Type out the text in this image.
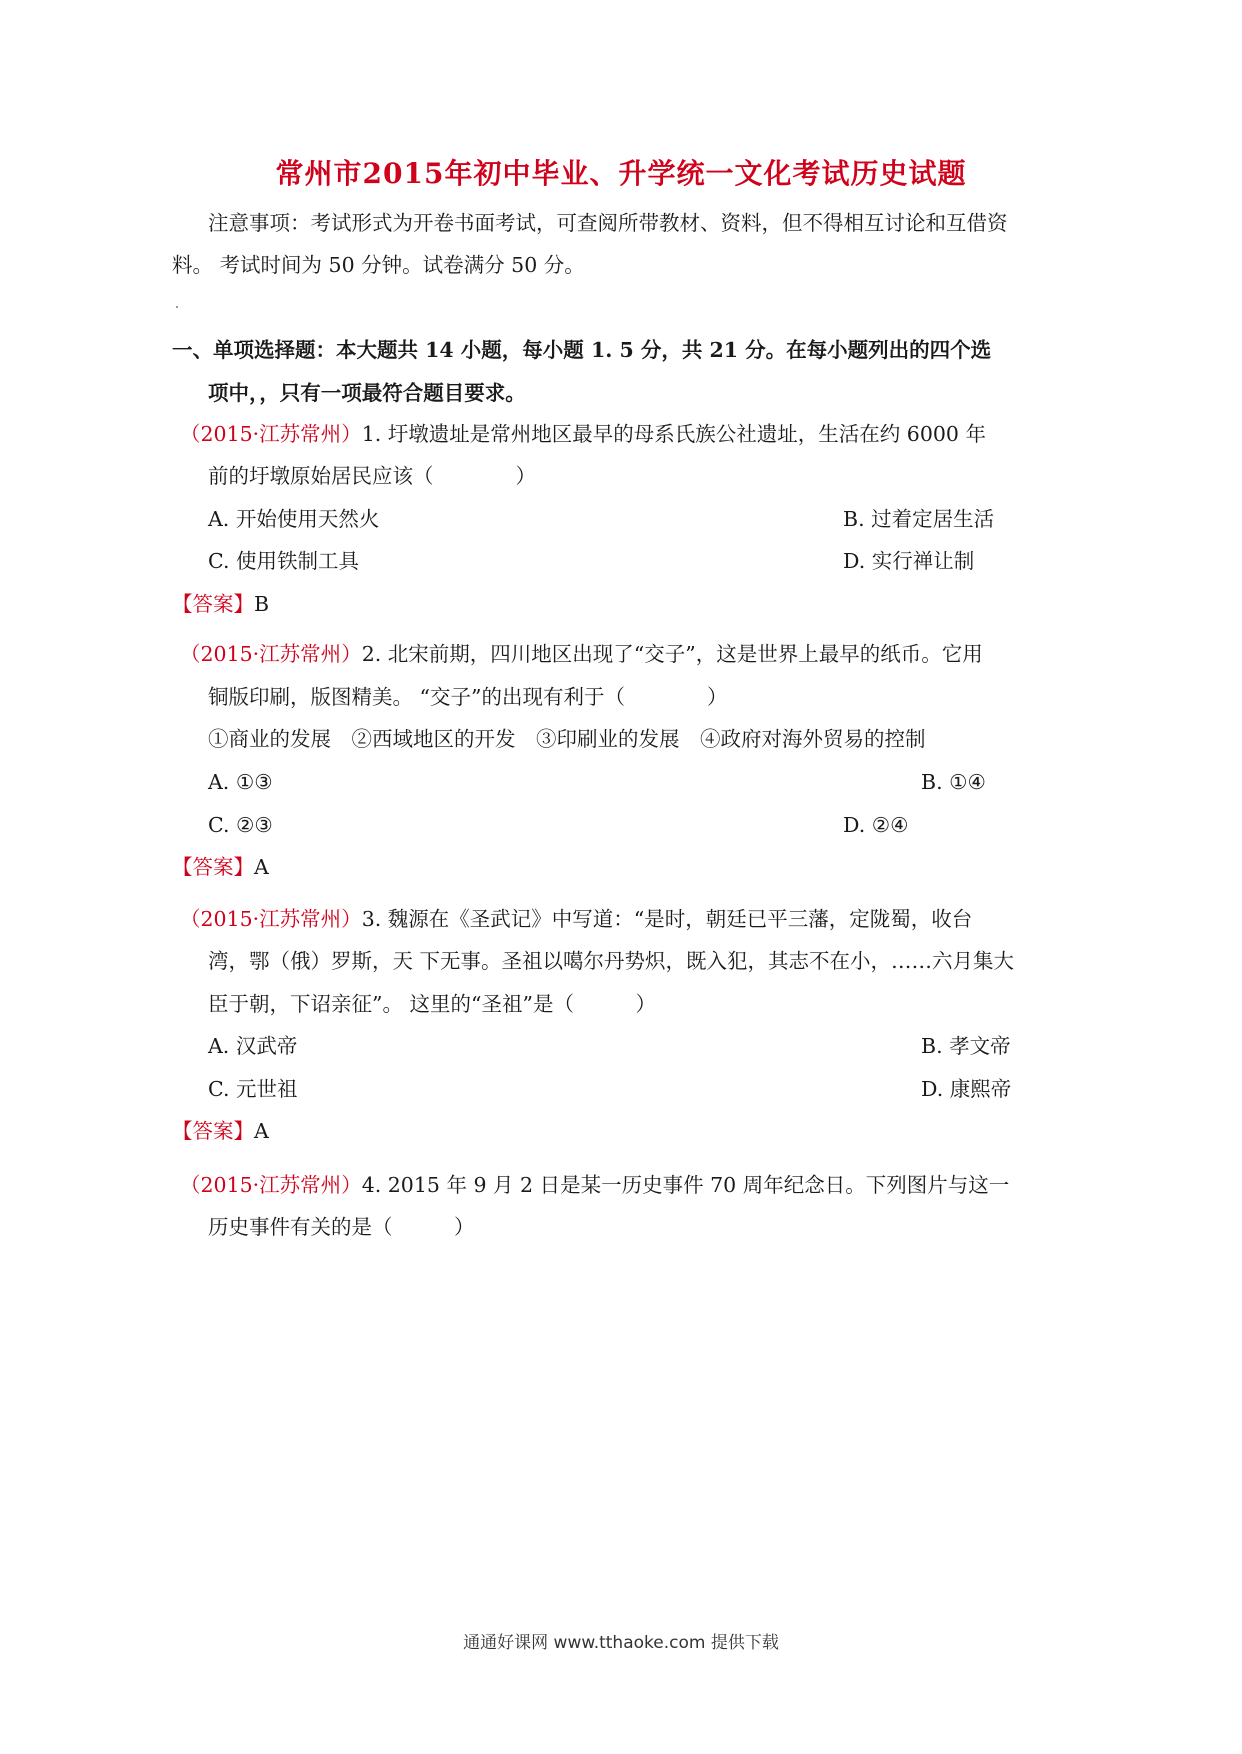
常州市2015年初中毕业、升学统一文化考试历史试题
注意事项：考试形式为开卷书面考试，可查阅所带教材、资料，但不得相互讨论和互借资
料。 考试时间为 50 分钟。试卷满分 50 分。
一、单项选择题：本大题共 14 小题，每小题 1. 5 分，共 21 分。在每小题列出的四个选
项中，，只有一项最符合题目要求。
（2015·江苏常州）1. 圩墩遗址是常州地区最早的母系氏族公社遗址，生活在约 6000 年
前的圩墩原始居民应该（　　　　）
A. 开始使用天然火	B. 过着定居生活
C. 使用铁制工具	D. 实行禅让制
【答案】B
（2015·江苏常州）2. 北宋前期，四川地区出现了“交子”，这是世界上最早的纸币。它用
铜版印刷，版图精美。 “交子”的出现有利于（　　　　）
①商业的发展　②西域地区的开发　③印刷业的发展　④政府对海外贸易的控制
A. ①③	B. ①④
C. ②③	D. ②④
【答案】A
（2015·江苏常州）3. 魏源在《圣武记》中写道：“是时，朝廷已平三藩，定陇蜀，收台
湾，鄂（俄）罗斯，天 下无事。圣祖以噶尔丹势炽，既入犯，其志不在小，……六月集大
臣于朝，下诏亲征”。 这里的“圣祖”是（　　　）
A. 汉武帝	B. 孝文帝
C. 元世祖	D. 康熙帝
【答案】A
（2015·江苏常州）4. 2015 年 9 月 2 日是某一历史事件 70 周年纪念日。下列图片与这一
历史事件有关的是（　　　）
通通好课网 www.tthaoke.com 提供下载
